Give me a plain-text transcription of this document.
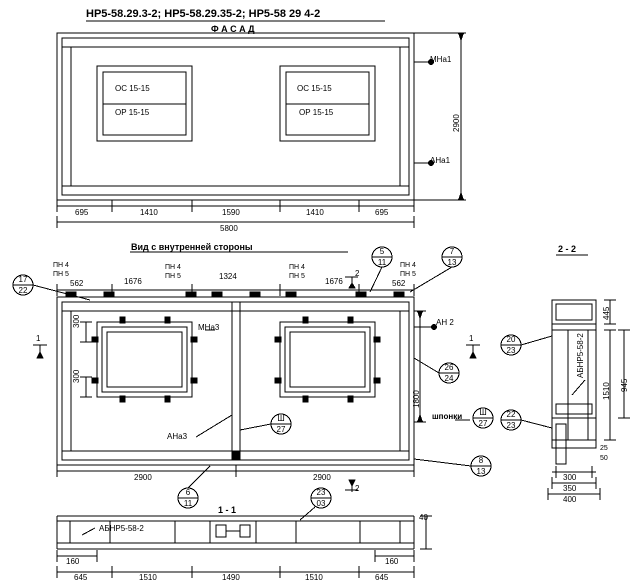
НР5-58.29.3-2; НР5-58.29.35-2; НР5-58 29 4-2
Ф А С А Д
ОС 15-15
ОР 15-15
ОС 15-15
ОР 15-15
МНа1
АНа1
2900
695	1410	1590	1410	695
5800
Вид с внутренней стороны
ПН 4
ПН 5
ПН 4
ПН 5
ПН 4
ПН 5
ПН 4
ПН 5
562	1676
1324
1676	562
17
22
5
11
7
13
26
24
Ш
27
Ш
27
8
13
6
11
23
03
МНа3
АНа3
АН 2
шпонки
300
300
1800
2900	2900
1	1
2
2
1 - 1
2 - 2
20
23
22
23
АБНР5-58-2
445
1510 945
50
25
300
350
400
АБНР5-58-2
40
160	160
645	1510	1490	1510	645
